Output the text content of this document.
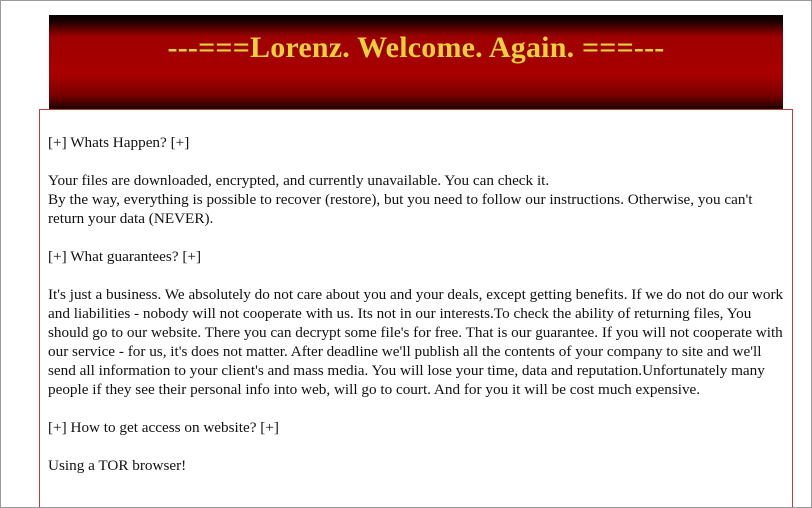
---===Lorenz. Welcome. Again. ===---

[+] Whats Happen? [+]

Your files are downloaded, encrypted, and currently unavailable. You can check it.

By the way, everything is possible to recover (restore), but you need to follow our instructions. Otherwise, you can't return your data (NEVER).

[+] What guarantees? [+]

It's just a business. We absolutely do not care about you and your deals, except getting benefits. If we do not do our work and liabilities - nobody will not cooperate with us. Its not in our interests.To check the ability of returning files, You should go to our website. There you can decrypt some file's for free. That is our guarantee. If you will not cooperate with our service - for us, it's does not matter. After deadline we'll publish all the contents of your company to site and we'll send all information to your client's and mass media. You will lose your time, data and reputation.Unfortunately many people if they see their personal info into web, will go to court. And for you it will be cost much expensive.

[+] How to get access on website? [+]

Using a TOR browser!
